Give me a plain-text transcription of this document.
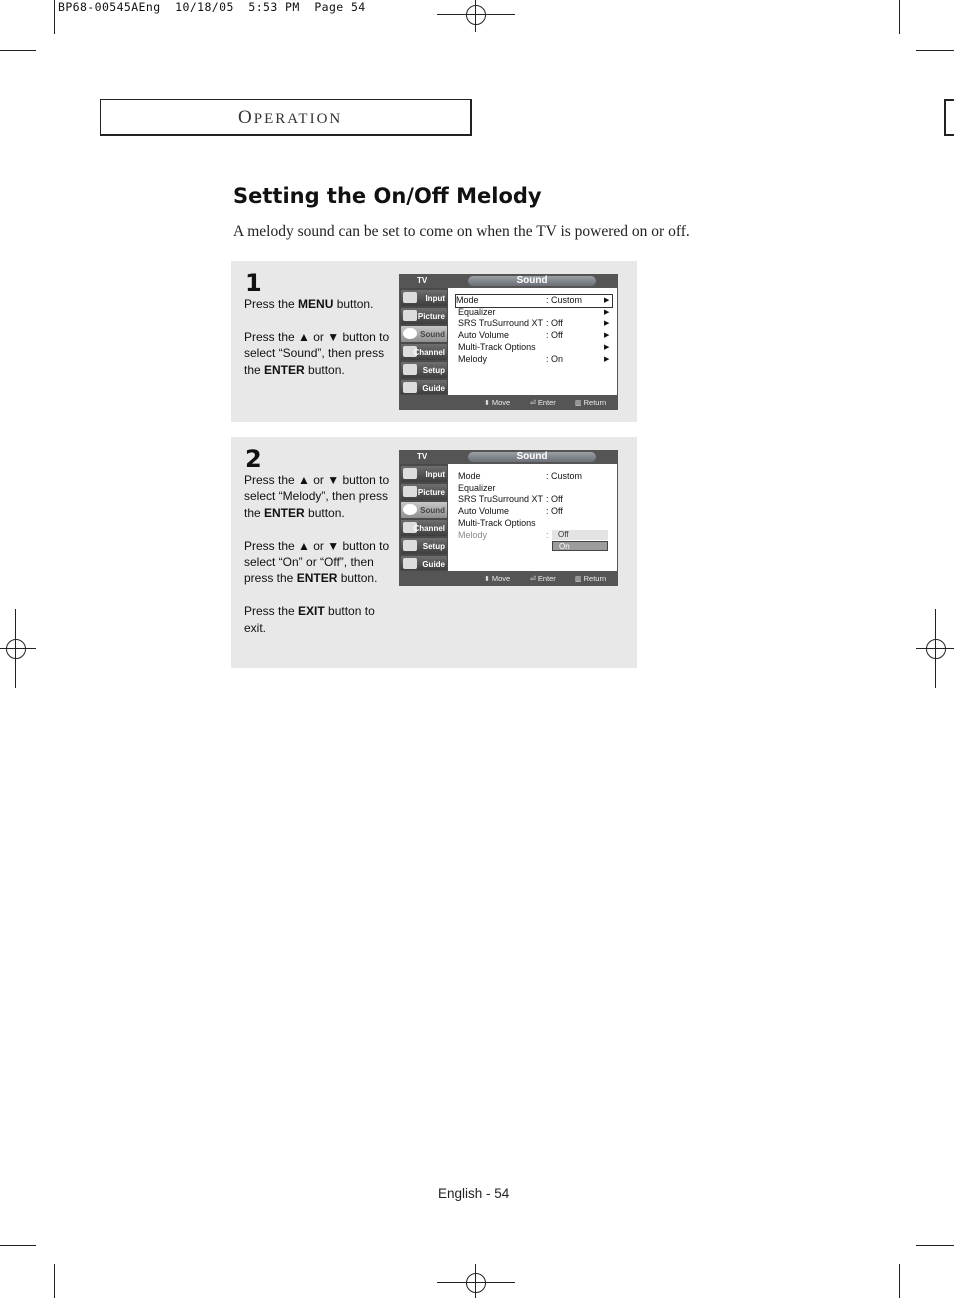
BP68-00545AEng  10/18/05  5:53 PM  Page 54
OPERATION
Setting the On/Off Melody
A melody sound can be set to come on when the TV is powered on or off.
1

Press the MENU button.

Press the ▲ or ▼ button to select “Sound”, then press the ENTER button.

TV	Sound
Input
Picture
Sound
Channel
Setup
Guide
Mode	: Custom	▶
Equalizer	▶
SRS TruSurround XT : Off	▶
Auto Volume	: Off	▶
Multi-Track Options	▶
Melody	: On	▶
⬍ Move	⏎ Enter	▥ Return
2

Press the ▲ or ▼ button to select “Melody”, then press the ENTER button.

Press the ▲ or ▼ button to select “On” or “Off”, then press the ENTER button.

Press the EXIT button to exit.

TV	Sound
Input
Picture
Sound
Channel
Setup
Guide
Mode	: Custom
Equalizer
SRS TruSurround XT : Off
Auto Volume	: Off
Multi-Track Options
Melody	:	Off
On
⬍ Move	⏎ Enter	▥ Return
English - 54
